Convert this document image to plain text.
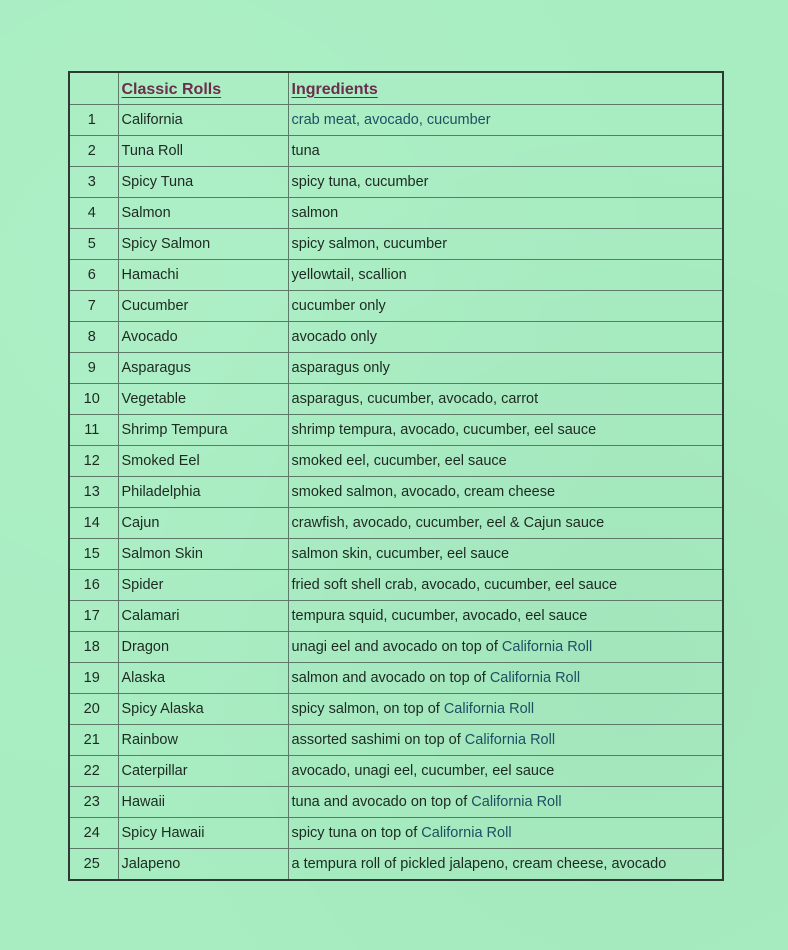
	Classic Rolls	Ingredients
1	California	crab meat, avocado, cucumber
2	Tuna Roll	tuna
3	Spicy Tuna	spicy tuna, cucumber
4	Salmon	salmon
5	Spicy Salmon	spicy salmon, cucumber
6	Hamachi	yellowtail, scallion
7	Cucumber	cucumber only
8	Avocado	avocado only
9	Asparagus	asparagus only
10	Vegetable	asparagus, cucumber, avocado, carrot
11	Shrimp Tempura	shrimp tempura, avocado, cucumber, eel sauce
12	Smoked Eel	smoked eel, cucumber, eel sauce
13	Philadelphia	smoked salmon, avocado, cream cheese
14	Cajun	crawfish, avocado, cucumber, eel & Cajun sauce
15	Salmon Skin	salmon skin, cucumber, eel sauce
16	Spider	fried soft shell crab, avocado, cucumber, eel sauce
17	Calamari	tempura squid, cucumber, avocado, eel sauce
18	Dragon	unagi eel and avocado on top of California Roll
19	Alaska	salmon and avocado on top of California Roll
20	Spicy Alaska	spicy salmon, on top of California Roll
21	Rainbow	assorted sashimi on top of California Roll
22	Caterpillar	avocado, unagi eel, cucumber, eel sauce
23	Hawaii	tuna and avocado on top of California Roll
24	Spicy Hawaii	spicy tuna on top of California Roll
25	Jalapeno	a tempura roll of pickled jalapeno, cream cheese, avocado
